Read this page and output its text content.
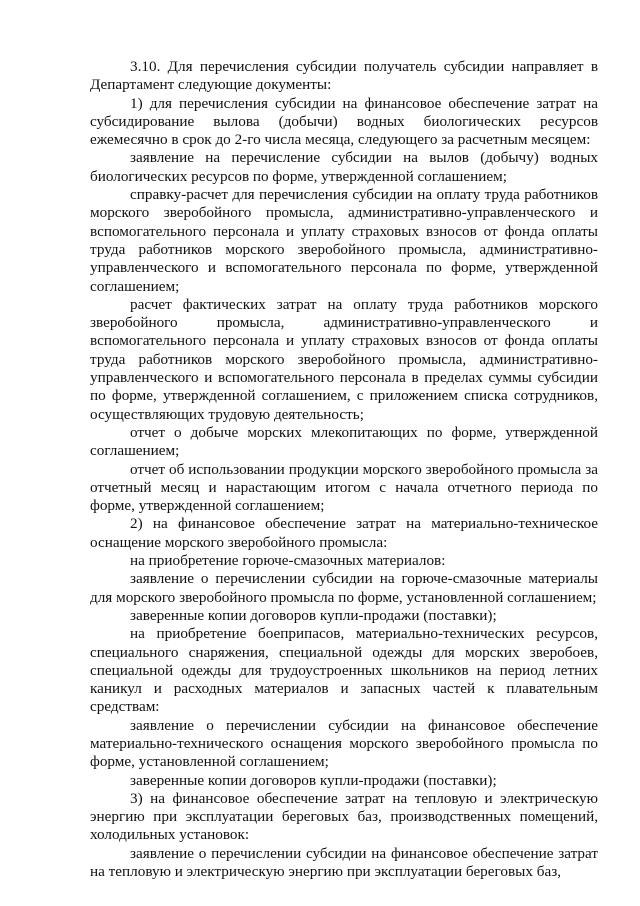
3.10. Для перечисления субсидии получатель субсидии направляет в Департамент следующие документы:

1) для перечисления субсидии на финансовое обеспечение затрат на субсидирование вылова (добычи) водных биологических ресурсов ежемесячно в срок до 2-го числа месяца, следующего за расчетным месяцем:

заявление на перечисление субсидии на вылов (добычу) водных биологических ресурсов по форме, утвержденной соглашением;

справку-расчет для перечисления субсидии на оплату труда работников морского зверобойного промысла, административно-управленческого и вспомогательного персонала и уплату страховых взносов от фонда оплаты труда работников морского зверобойного промысла, административно-управленческого и вспомогательного персонала по форме, утвержденной соглашением;

расчет фактических затрат на оплату труда работников морского зверобойного промысла, административно-управленческого и вспомогательного персонала и уплату страховых взносов от фонда оплаты труда работников морского зверобойного промысла, административно-управленческого и вспомогательного персонала в пределах суммы субсидии по форме, утвержденной соглашением, с приложением списка сотрудников, осуществляющих трудовую деятельность;

отчет о добыче морских млекопитающих по форме, утвержденной соглашением;

отчет об использовании продукции морского зверобойного промысла за отчетный месяц и нарастающим итогом с начала отчетного периода по форме, утвержденной соглашением;

2) на финансовое обеспечение затрат на материально-техническое оснащение морского зверобойного промысла:

на приобретение горюче-смазочных материалов:

заявление о перечислении субсидии на горюче-смазочные материалы для морского зверобойного промысла по форме, установленной соглашением;

заверенные копии договоров купли-продажи (поставки);

на приобретение боеприпасов, материально-технических ресурсов, специального снаряжения, специальной одежды для морских зверобоев, специальной одежды для трудоустроенных школьников на период летних каникул и расходных материалов и запасных частей к плавательным средствам:

заявление о перечислении субсидии на финансовое обеспечение материально-технического оснащения морского зверобойного промысла по форме, установленной соглашением;

заверенные копии договоров купли-продажи (поставки);

3) на финансовое обеспечение затрат на тепловую и электрическую энергию при эксплуатации береговых баз, производственных помещений, холодильных установок:

заявление о перечислении субсидии на финансовое обеспечение затрат на тепловую и электрическую энергию при эксплуатации береговых баз,
